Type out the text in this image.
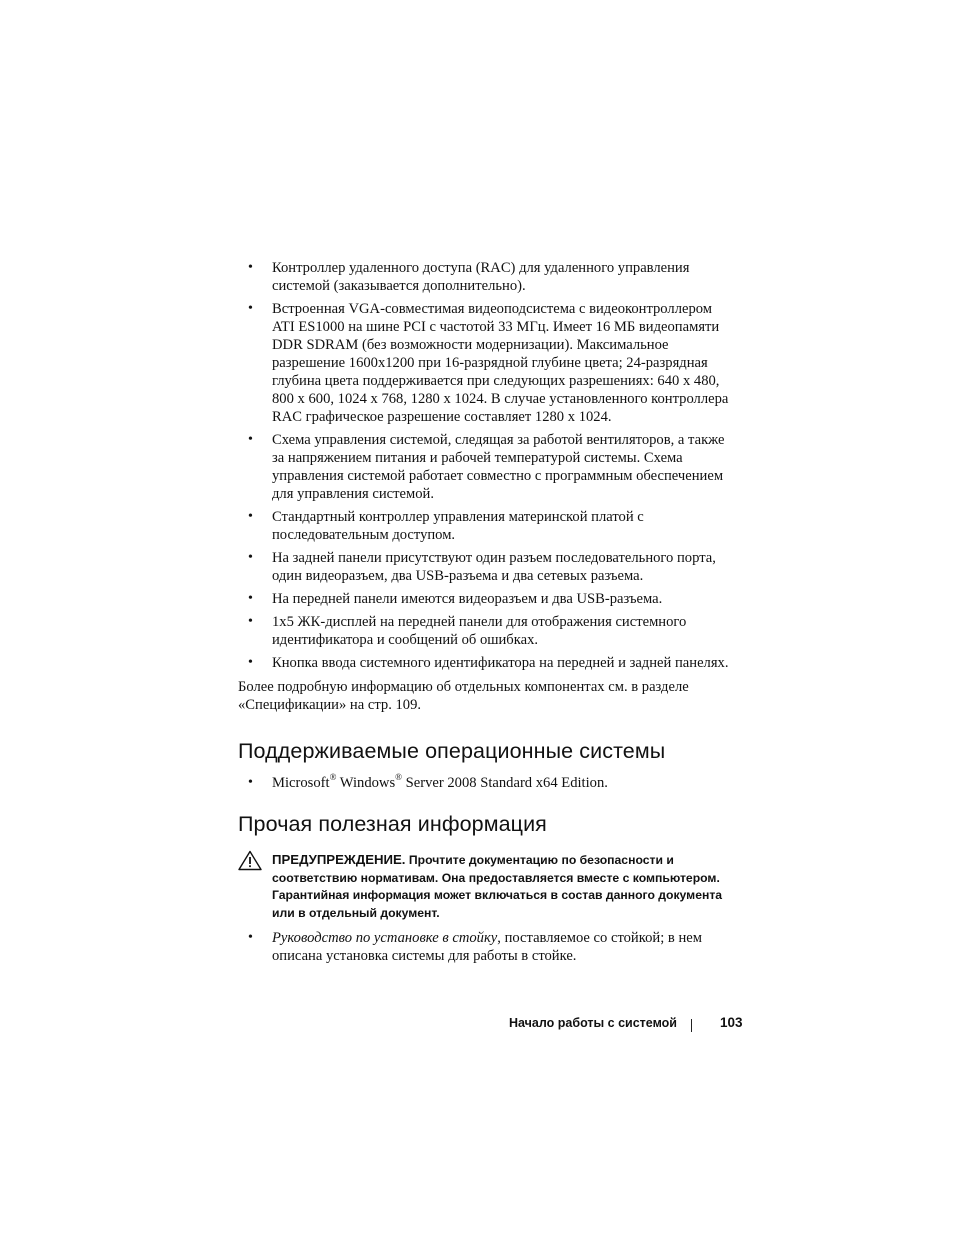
• Контроллер удаленного доступа (RAC) для удаленного управления системой (заказывается дополнительно).
• Встроенная VGA-совместимая видеоподсистема с видеоконтроллером ATI ES1000 на шине PCI с частотой 33 МГц. Имеет 16 МБ видеопамяти DDR SDRAM (без возможности модернизации). Максимальное разрешение 1600x1200 при 16-разрядной глубине цвета; 24-разрядная глубина цвета поддерживается при следующих разрешениях: 640 x 480, 800 x 600, 1024 x 768, 1280 x 1024. В случае установленного контроллера RAC графическое разрешение составляет 1280 x 1024.
• Схема управления системой, следящая за работой вентиляторов, а также за напряжением питания и рабочей температурой системы. Схема управления системой работает совместно с программным обеспечением для управления системой.
• Стандартный контроллер управления материнской платой с последовательным доступом.
• На задней панели присутствуют один разъем последовательного порта, один видеоразъем, два USB-разъема и два сетевых разъема.
• На передней панели имеются видеоразъем и два USB-разъема.
• 1x5 ЖК-дисплей на передней панели для отображения системного идентификатора и сообщений об ошибках.
• Кнопка ввода системного идентификатора на передней и задней панелях.

Более подробную информацию об отдельных компонентах см. в разделе «Спецификации» на стр. 109.

Поддерживаемые операционные системы
• Microsoft® Windows® Server 2008 Standard x64 Edition.
Прочая полезная информация
ПРЕДУПРЕЖДЕНИЕ. Прочтите документацию по безопасности и соответствию нормативам. Она предоставляется вместе с компьютером. Гарантийная информация может включаться в состав данного документа или в отдельный документ.
• Руководство по установке в стойку, поставляемое со стойкой; в нем описана установка системы для работы в стойке.
Начало работы с системой	103
